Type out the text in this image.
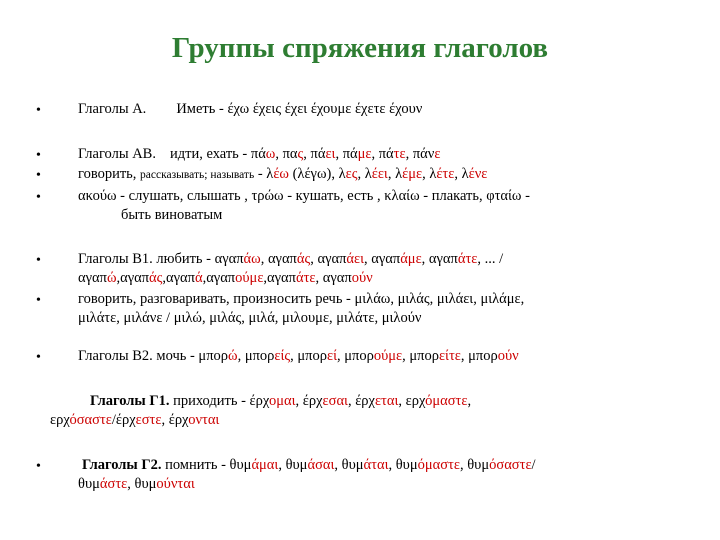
Группы спряжения глаголов
•	Глаголы А. Иметь - έχω έχεις έχει έχουμε έχετε έχουν
•	Глаголы АВ. идти, ехать - πάω, πας, πάει, πάμε, πάτε, πάνε
•	говорить, рассказывать; называть - λέω (λέγω), λες, λέει, λέμε, λέτε, λένε
•	ακούω - слушать, слышать , τρώω - кушать, есть , κλαίω - плакать, φταίω -
быть виноватым
•	Глаголы В1. любить - αγαπάω, αγαπάς, αγαπάει, αγαπάμε, αγαπάτε, ... /
αγαπώ,αγαπάς,αγαπά,αγαπούμε,αγαπάτε, αγαπούν
•	говорить, разговаривать, произносить речь - μιλάω, μιλάς, μιλάει, μιλάμε,
μιλάτε, μιλάνε / μιλώ, μιλάς, μιλά, μιλουμε, μιλάτε, μιλούν
•	Глаголы В2. мочь - μπορώ, μπορείς, μπορεί, μπορούμε, μπορείτε, μπορούν
Глаголы Г1. приходить - έρχομαι, έρχεσαι, έρχεται, ερχόμαστε,
ερχόσαστε/έρχεστε, έρχονται
•	Глаголы Г2. помнить - θυμάμαι, θυμάσαι, θυμάται, θυμόμαστε, θυμόσαστε/
θυμάστε, θυμούνται
